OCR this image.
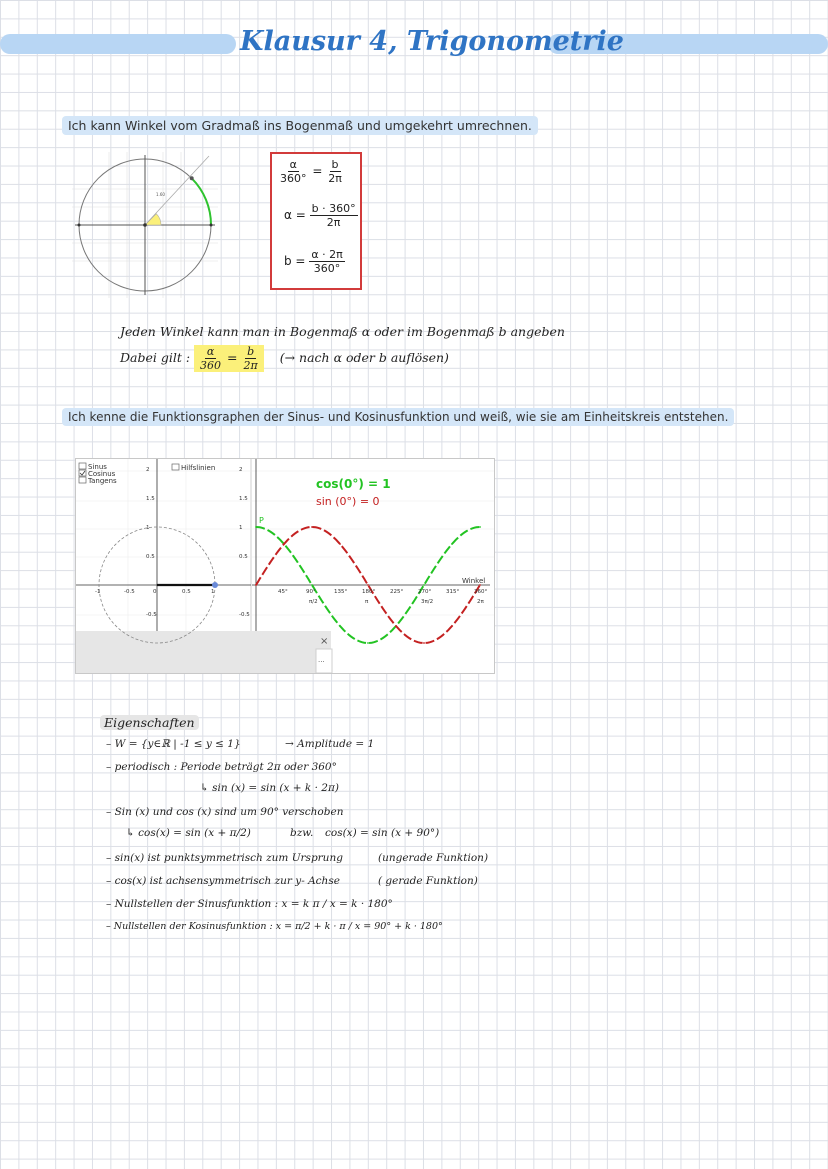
Klausur 4, Trigonometrie
Ich kann Winkel vom Gradmaß ins Bogenmaß und umgekehrt umrechnen.
1.60
$\frac{\alpha}{360^\circ} = \frac{b}{2\pi}$
$\alpha = \frac{b \cdot 360^\circ}{2\pi}$
$b = \frac{\alpha \cdot 2\pi}{360^\circ}$
Jeden Winkel kann man in Bogenmaß α oder im Bogenmaß b angeben
Dabei gilt : $\frac{\alpha}{360} = \frac{b}{2\pi}$ (→ nach α oder b auflösen)
Ich kenne die Funktionsgraphen der Sinus- und Kosinusfunktion und weiß, wie sie am Einheitskreis entstehen.
Sinus
Cosinus
Tangens
Hilfslinien
2
1.5
1
0.5
-0.5
-1	-0.5	0	0.5	1
2
1.5
1
0.5
-0.5
45°	90°	135°	180°	225°	270°	315°	360°
π/2	π	3π/2	2π
cos(0°) = 1
sin (0°) = 0
Winkel
P
×
···
Eigenschaften
– W = {y∈ℝ | -1 ≤ y ≤ 1}	→ Amplitude = 1
– periodisch : Periode beträgt 2π oder 360°
↳ sin (x) = sin (x + k · 2π)
– Sin (x) und cos (x) sind um 90° verschoben
↳ cos(x) = sin (x + π/2)	bzw. cos(x) = sin (x + 90°)
– sin(x) ist punktsymmetrisch zum Ursprung	(ungerade Funktion)
– cos(x) ist achsensymmetrisch zur y- Achse	( gerade Funktion)
– Nullstellen der Sinusfunktion : x = k π / x = k · 180°
– Nullstellen der Kosinusfunktion : x = π/2 + k · π / x = 90° + k · 180°
